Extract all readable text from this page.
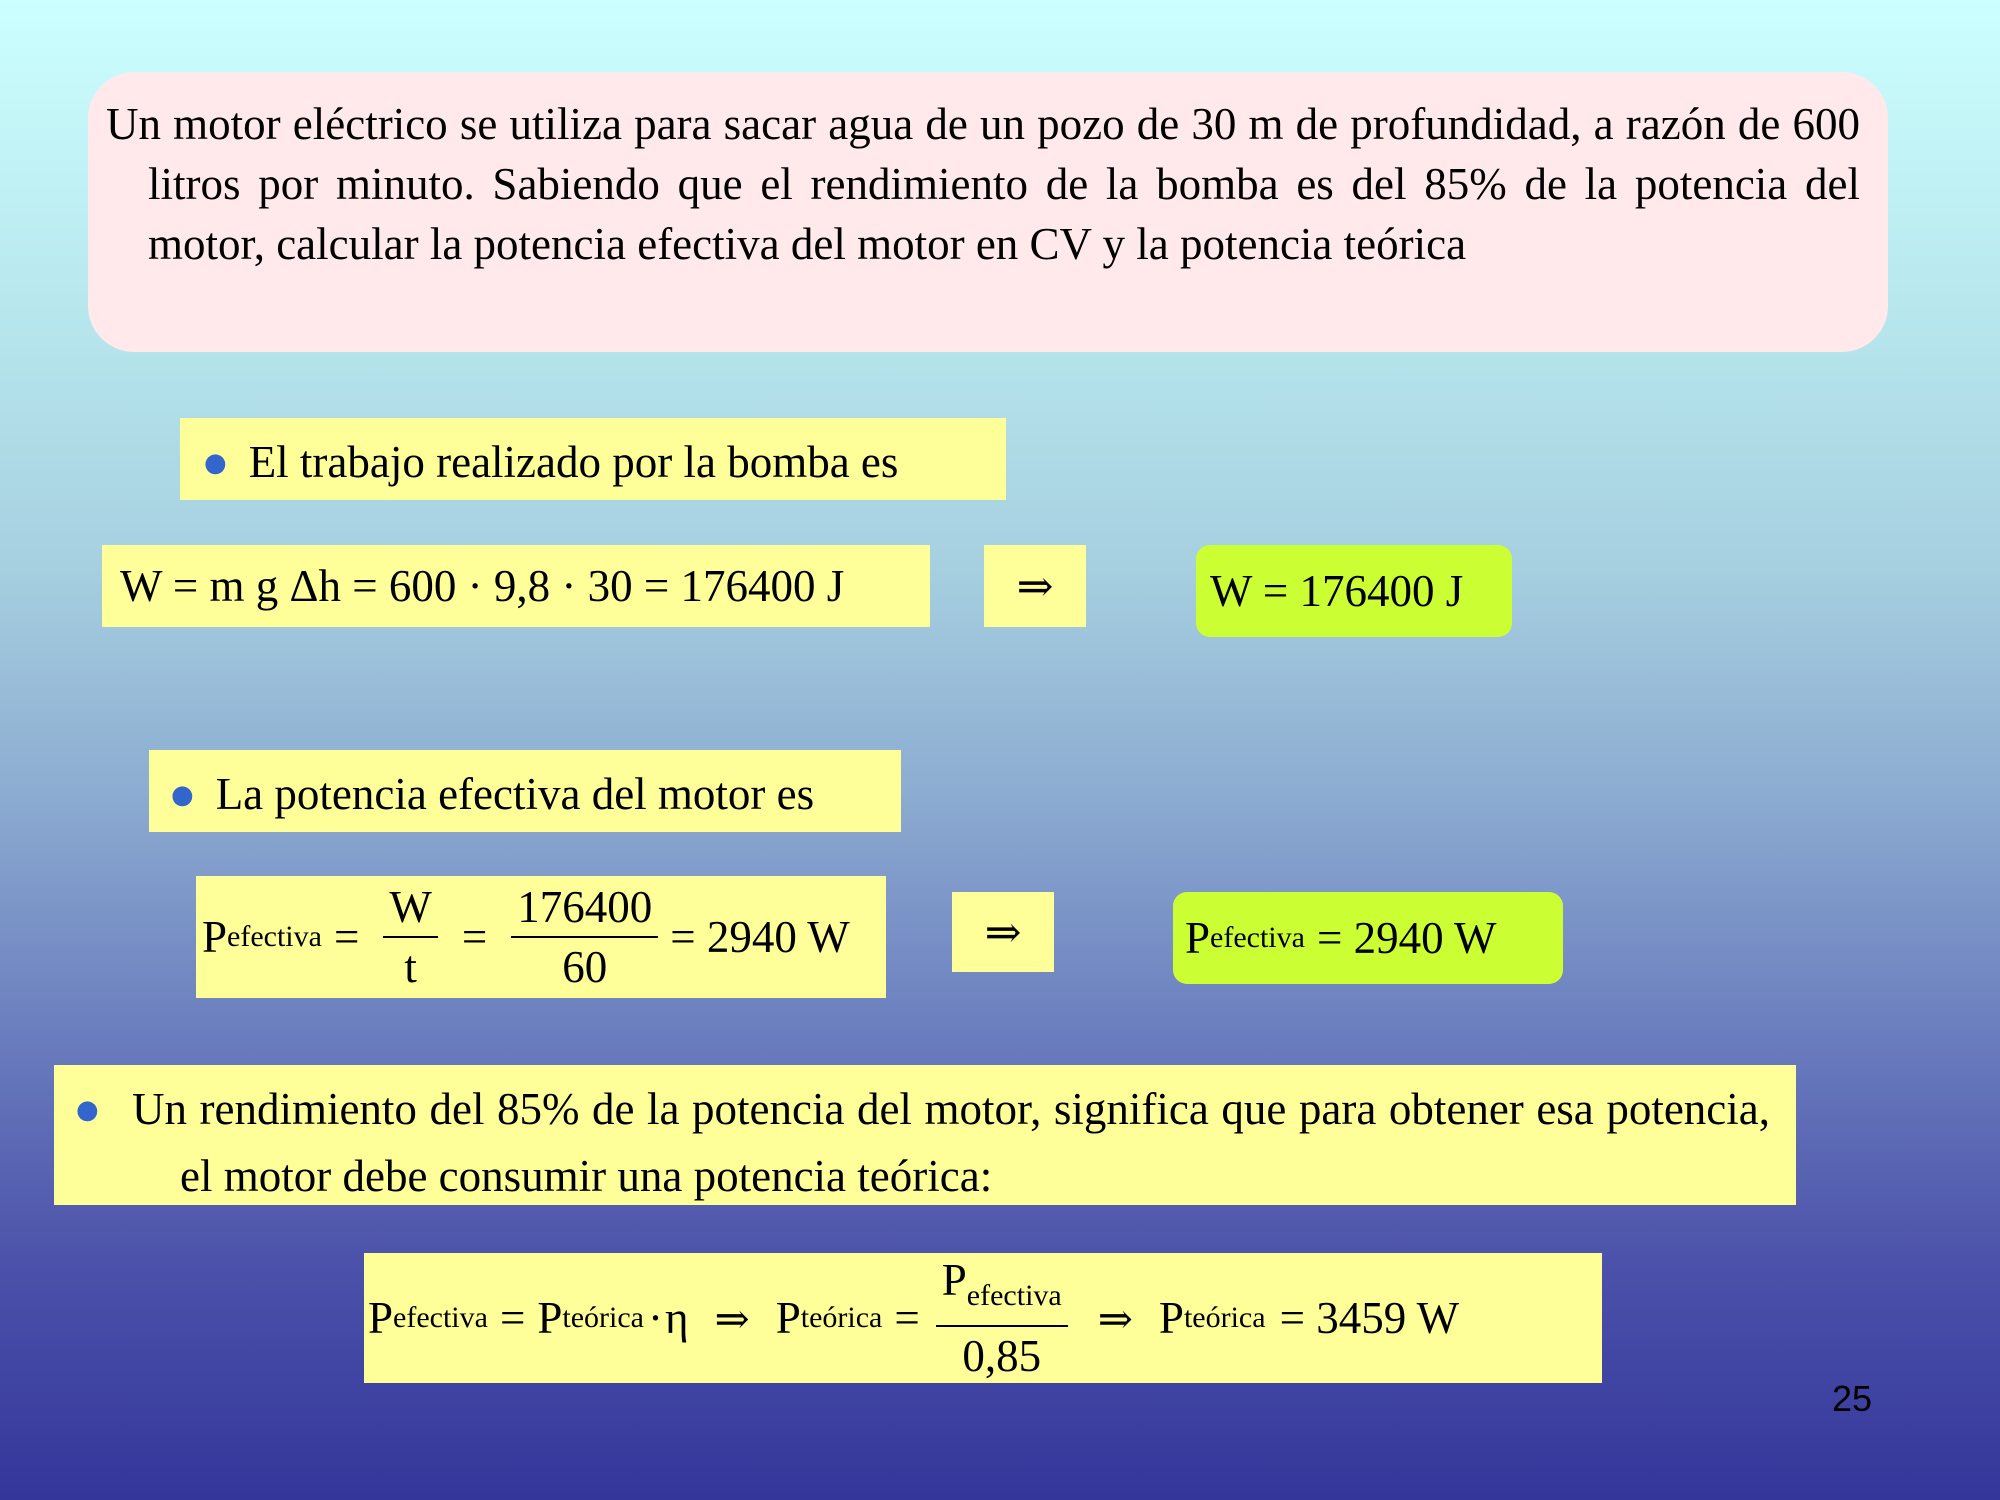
Un motor eléctrico se utiliza para sacar agua de un pozo de 30 m de profundidad, a razón de 600 litros por minuto. Sabiendo que el rendimiento de la bomba es del 85% de la potencia del motor, calcular la potencia efectiva del motor en CV y la potencia teórica
● El trabajo realizado por la bomba es
W = m g Δh = 600 · 9,8 · 30 = 176400 J	⇒	W = 176400 J
● La potencia efectiva del motor es
P efectiva = $\frac{W}{t} = \frac{176400}{60} = 2940$ W	⇒	P efectiva = 2940 W
● Un rendimiento del 85% de la potencia del motor, significa que para obtener esa potencia, el motor debe consumir una potencia teórica:
P efectiva = P teórica · η ⇒ P teórica = $\frac{P_{efectiva}}{0,85}$ ⇒ P teórica = 3459 W
25
